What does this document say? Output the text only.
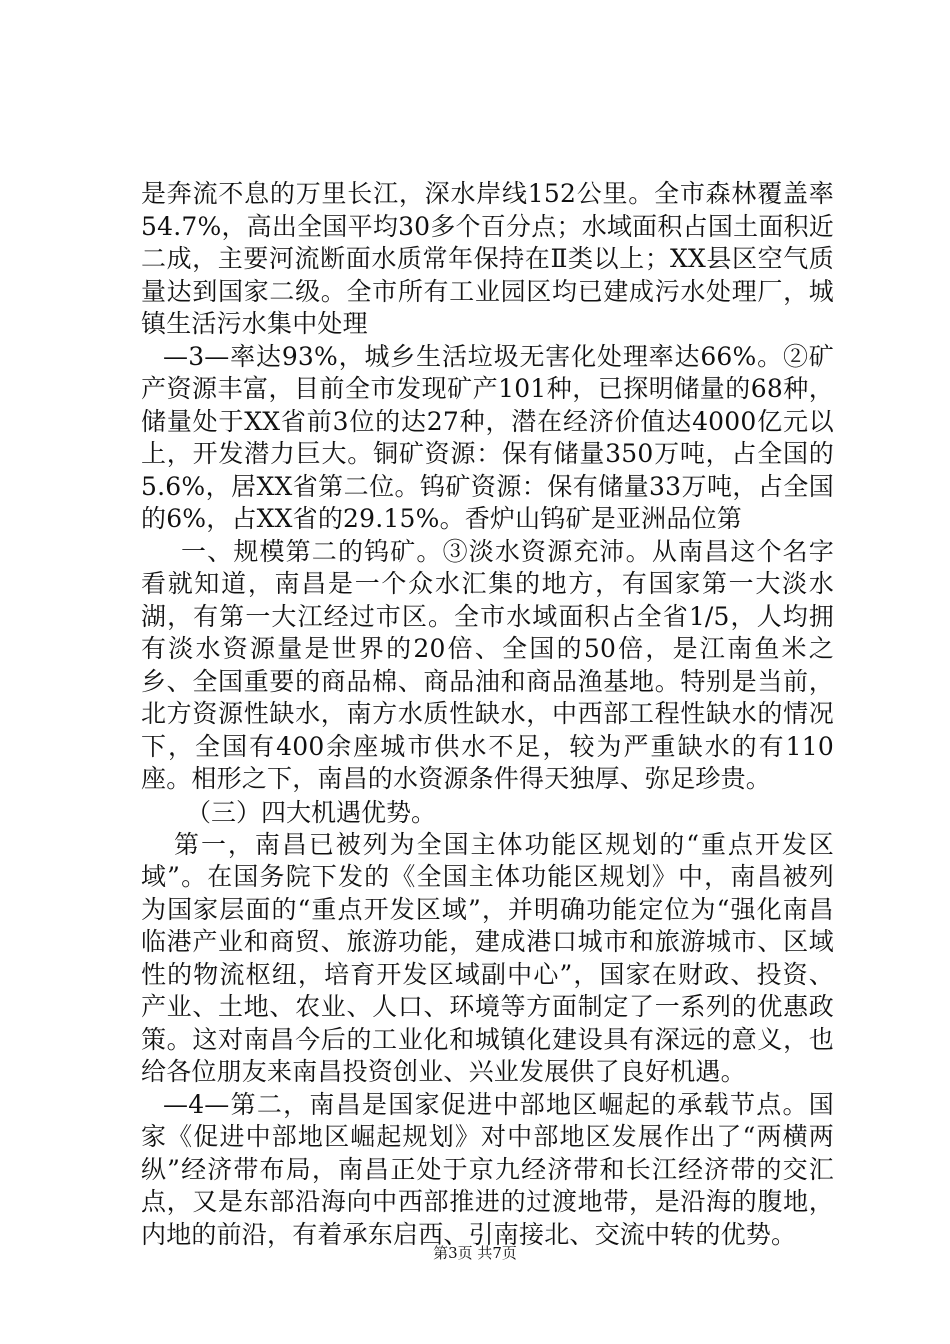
是奔流不息的万里长江，深水岸线152公里。全市森林覆盖率54.7%，高出全国平均30多个百分点；水域面积占国土面积近二成，主要河流断面水质常年保持在Ⅱ类以上；XX县区空气质量达到国家二级。全市所有工业园区均已建成污水处理厂，城镇生活污水集中处理

—3—率达93%，城乡生活垃圾无害化处理率达66%。②矿产资源丰富，目前全市发现矿产101种，已探明储量的68种，储量处于XX省前3位的达27种，潜在经济价值达4000亿元以上，开发潜力巨大。铜矿资源：保有储量350万吨，占全国的5.6%，居XX省第二位。钨矿资源：保有储量33万吨，占全国的6%，占XX省的29.15%。香炉山钨矿是亚洲品位第

一、规模第二的钨矿。③淡水资源充沛。从南昌这个名字看就知道，南昌是一个众水汇集的地方，有国家第一大淡水湖，有第一大江经过市区。全市水域面积占全省1/5，人均拥有淡水资源量是世界的20倍、全国的50倍，是江南鱼米之乡、全国重要的商品棉、商品油和商品渔基地。特别是当前，北方资源性缺水，南方水质性缺水，中西部工程性缺水的情况下，全国有400余座城市供水不足，较为严重缺水的有110座。相形之下，南昌的水资源条件得天独厚、弥足珍贵。

（三）四大机遇优势。

第一，南昌已被列为全国主体功能区规划的“重点开发区域”。在国务院下发的《全国主体功能区规划》中，南昌被列为国家层面的“重点开发区域”，并明确功能定位为“强化南昌临港产业和商贸、旅游功能，建成港口城市和旅游城市、区域性的物流枢纽，培育开发区域副中心”，国家在财政、投资、产业、土地、农业、人口、环境等方面制定了一系列的优惠政策。这对南昌今后的工业化和城镇化建设具有深远的意义，也给各位朋友来南昌投资创业、兴业发展供了良好机遇。

—4—第二，南昌是国家促进中部地区崛起的承载节点。国家《促进中部地区崛起规划》对中部地区发展作出了“两横两纵”经济带布局，南昌正处于京九经济带和长江经济带的交汇点，又是东部沿海向中西部推进的过渡地带，是沿海的腹地，内地的前沿，有着承东启西、引南接北、交流中转的优势。

第3页 共7页
